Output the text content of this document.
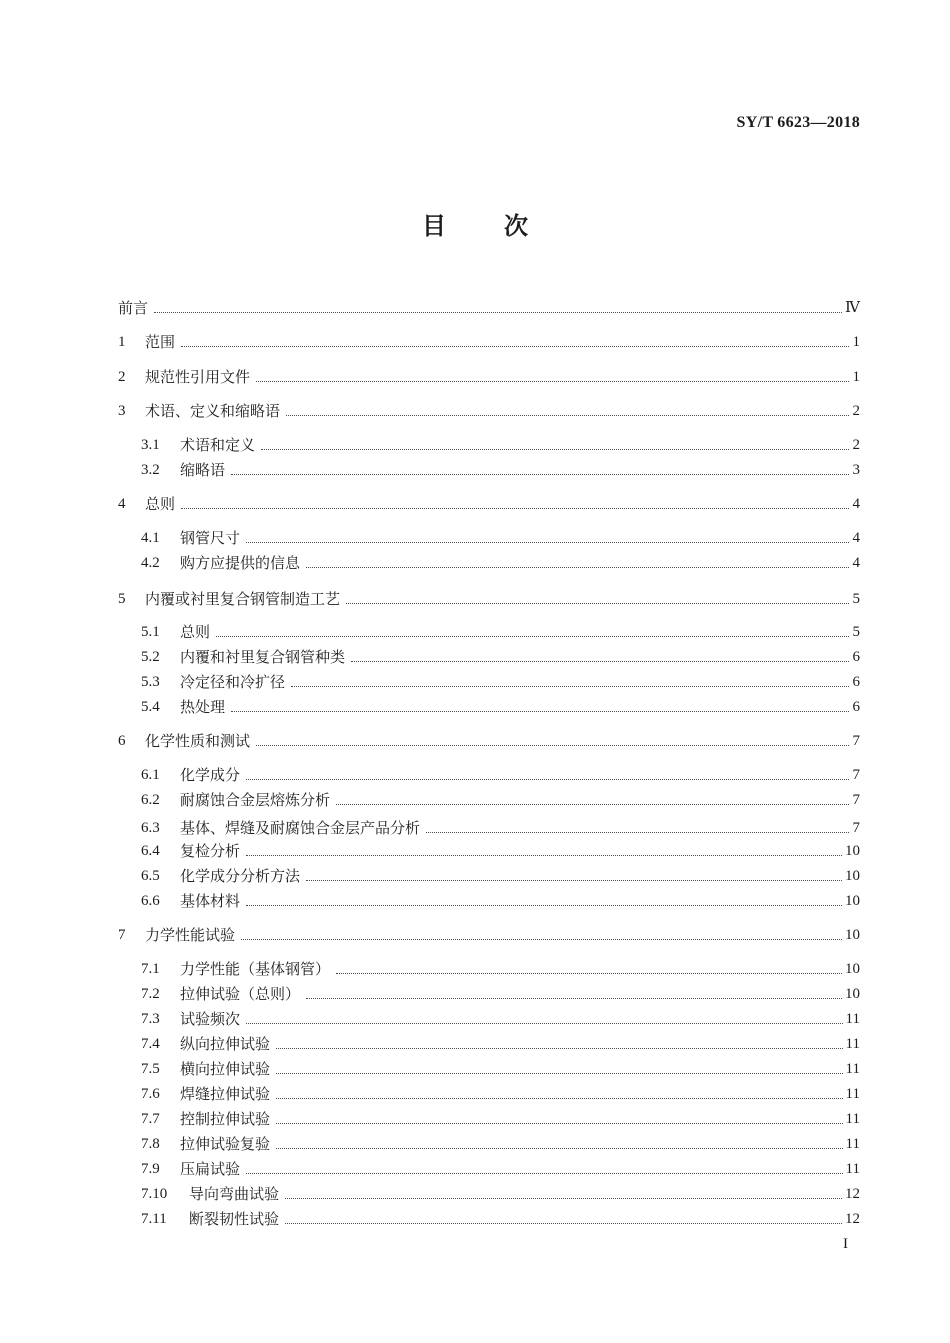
SY/T 6623—2018
目 次
前言	Ⅳ
1	范围	1
2	规范性引用文件	1
3	术语、定义和缩略语	2
3.1	术语和定义	2
3.2	缩略语	3
4	总则	4
4.1	钢管尺寸	4
4.2	购方应提供的信息	4
5	内覆或衬里复合钢管制造工艺	5
5.1	总则	5
5.2	内覆和衬里复合钢管种类	6
5.3	冷定径和冷扩径	6
5.4	热处理	6
6	化学性质和测试	7
6.1	化学成分	7
6.2	耐腐蚀合金层熔炼分析	7
6.3	基体、焊缝及耐腐蚀合金层产品分析	7
6.4	复检分析	10
6.5	化学成分分析方法	10
6.6	基体材料	10
7	力学性能试验	10
7.1	力学性能（基体钢管）	10
7.2	拉伸试验（总则）	10
7.3	试验频次	11
7.4	纵向拉伸试验	11
7.5	横向拉伸试验	11
7.6	焊缝拉伸试验	11
7.7	控制拉伸试验	11
7.8	拉伸试验复验	11
7.9	压扁试验	11
7.10	导向弯曲试验	12
7.11	断裂韧性试验	12
I
